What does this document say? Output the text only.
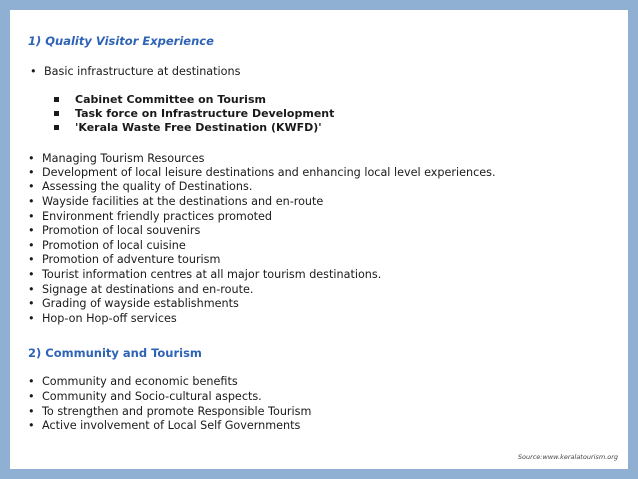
1) Quality Visitor Experience
• Basic infrastructure at destinations
Cabinet Committee on Tourism
Task force on Infrastructure Development
'Kerala Waste Free Destination (KWFD)'
• Managing Tourism Resources
• Development of local leisure destinations and enhancing local level experiences.
• Assessing the quality of Destinations.
• Wayside facilities at the destinations and en-route
• Environment friendly practices promoted
• Promotion of local souvenirs
• Promotion of local cuisine
• Promotion of adventure tourism
• Tourist information centres at all major tourism destinations.
• Signage at destinations and en-route.
• Grading of wayside establishments
• Hop-on Hop-off services
2) Community and Tourism
• Community and economic benefits
• Community and Socio-cultural aspects.
• To strengthen and promote Responsible Tourism
• Active involvement of Local Self Governments
Source:www.keralatourism.org
